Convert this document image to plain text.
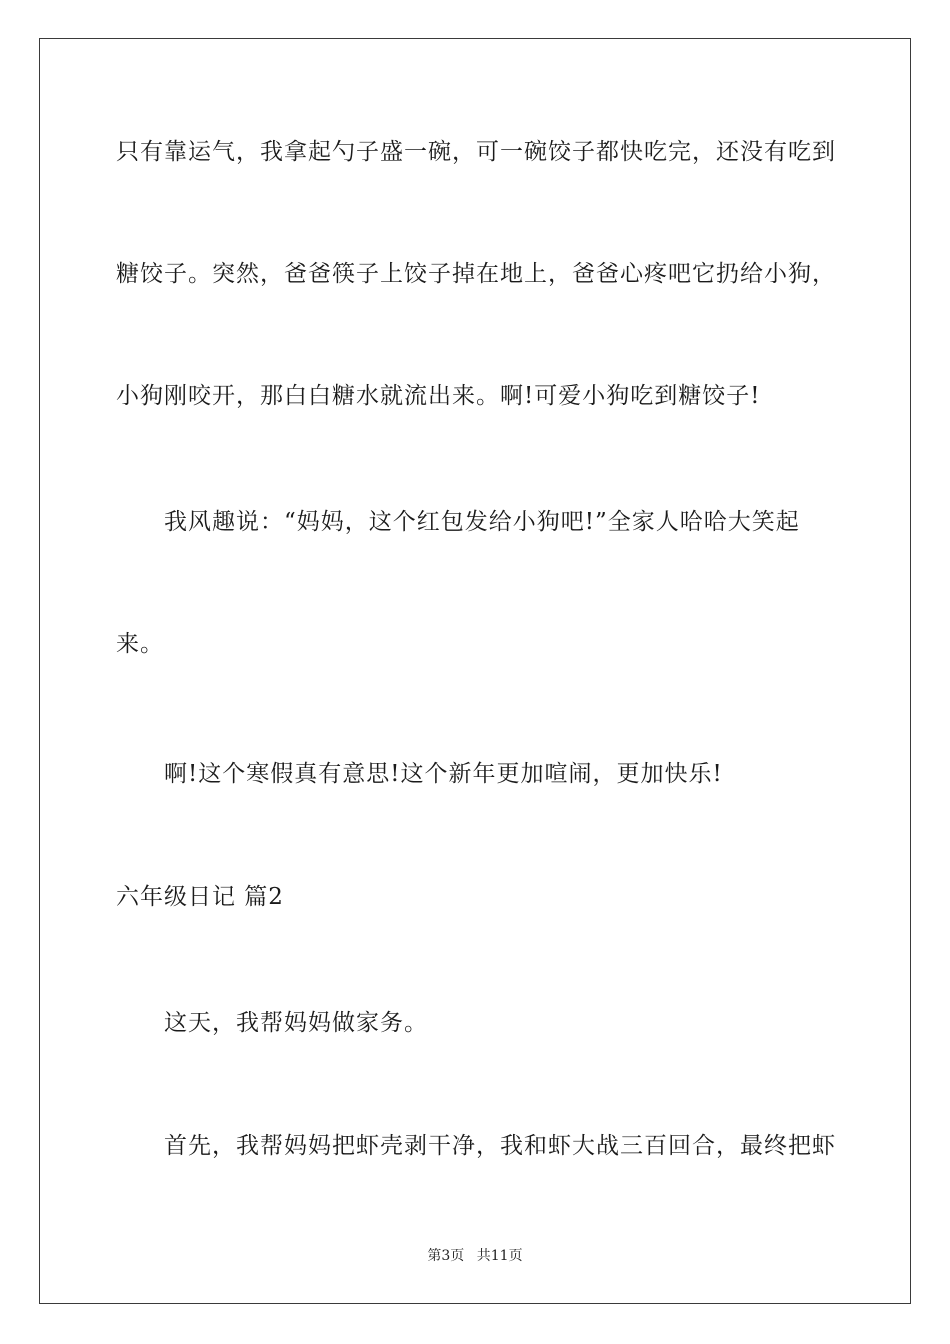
只有靠运气，我拿起勺子盛一碗，可一碗饺子都快吃完，还没有吃到
糖饺子。突然，爸爸筷子上饺子掉在地上，爸爸心疼吧它扔给小狗，
小狗刚咬开，那白白糖水就流出来。啊!可爱小狗吃到糖饺子!
我风趣说：“妈妈，这个红包发给小狗吧!”全家人哈哈大笑起
来。
啊!这个寒假真有意思!这个新年更加喧闹，更加快乐!
六年级日记 篇2
这天，我帮妈妈做家务。
首先，我帮妈妈把虾壳剥干净，我和虾大战三百回合，最终把虾
第3页 共11页
